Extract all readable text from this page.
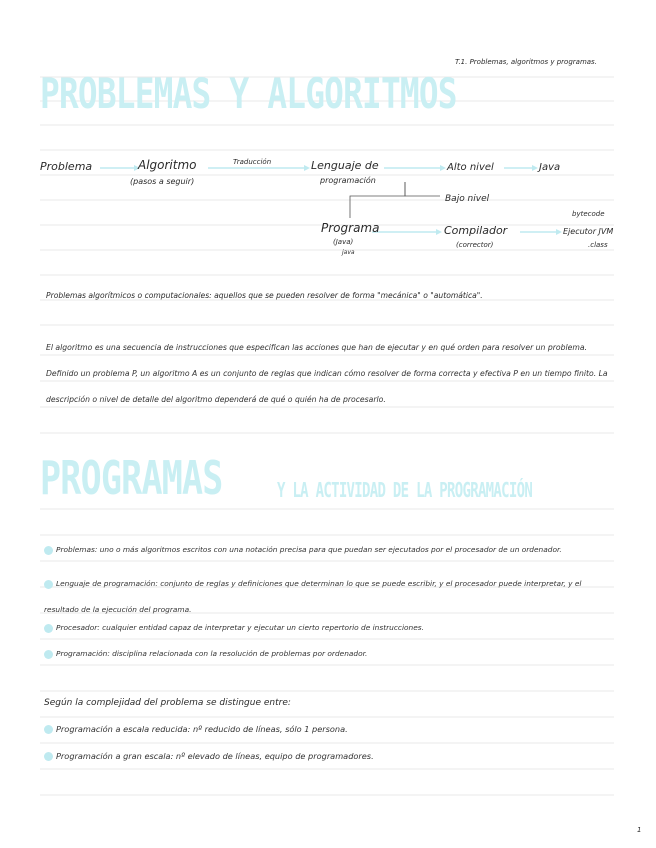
T.1. Problemas, algoritmos y programas.
PROBLEMAS Y ALGORITMOS
Problema	Algoritmo
(pasos a seguir)
Traducción	Lenguaje de
programación
Alto nivel	Java
Bajo nivel
Programa
(Java)
java
Compilador
(corrector)
bytecode
Ejecutor JVM
.class
Problemas algorítmicos o computacionales: aquellos que se pueden resolver de forma "mecánica" o "automática".
El algoritmo es una secuencia de instrucciones que especifican las acciones que han de ejecutar y en qué orden para resolver un problema. Definido un problema P, un algoritmo A es un conjunto de reglas que indican cómo resolver de forma correcta y efectiva P en un tiempo finito. La descripción o nivel de detalle del algoritmo dependerá de qué o quién ha de procesarlo.
PROGRAMAS	Y LA ACTIVIDAD DE LA PROGRAMACIÓN
Problemas: uno o más algoritmos escritos con una notación precisa para que puedan ser ejecutados por el procesador de un ordenador.
Lenguaje de programación: conjunto de reglas y definiciones que determinan lo que se puede escribir, y el procesador puede interpretar, y el resultado de la ejecución del programa.
Procesador: cualquier entidad capaz de interpretar y ejecutar un cierto repertorio de instrucciones.
Programación: disciplina relacionada con la resolución de problemas por ordenador.
Según la complejidad del problema se distingue entre:
Programación a escala reducida: nº reducido de líneas, sólo 1 persona.
Programación a gran escala: nº elevado de líneas, equipo de programadores.
1
